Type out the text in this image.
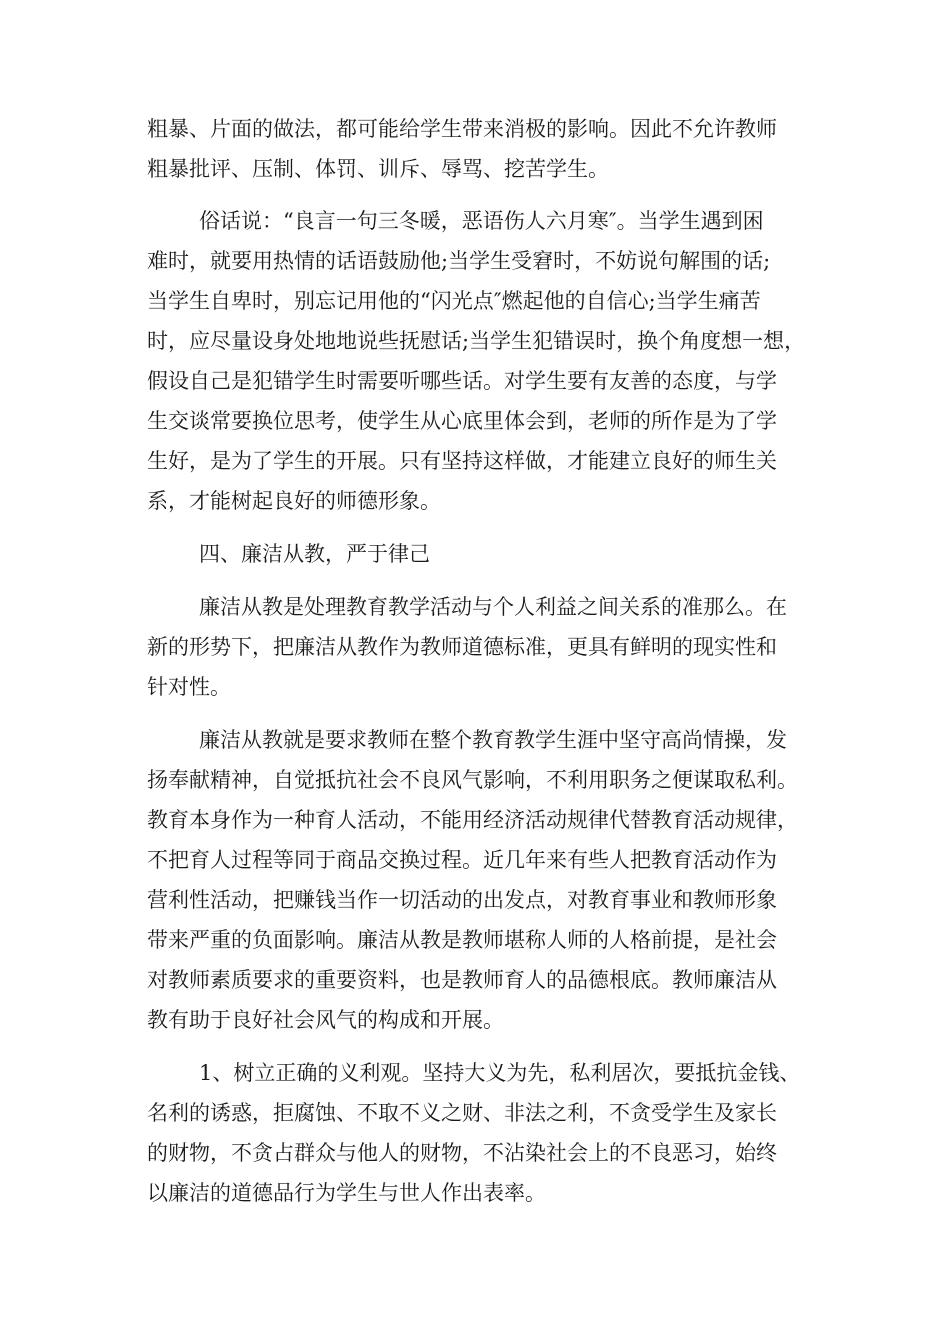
粗暴、片面的做法，都可能给学生带来消极的影响。因此不允许教师
粗暴批评、压制、体罚、训斥、辱骂、挖苦学生。
俗话说：“良言一句三冬暖，恶语伤人六月寒″。当学生遇到困
难时，就要用热情的话语鼓励他;当学生受窘时，不妨说句解围的话;
当学生自卑时，别忘记用他的“闪光点″燃起他的自信心;当学生痛苦
时，应尽量设身处地地说些抚慰话;当学生犯错误时，换个角度想一想，
假设自己是犯错学生时需要听哪些话。对学生要有友善的态度，与学
生交谈常要换位思考，使学生从心底里体会到，老师的所作是为了学
生好，是为了学生的开展。只有坚持这样做，才能建立良好的师生关
系，才能树起良好的师德形象。
四、廉洁从教，严于律己
廉洁从教是处理教育教学活动与个人利益之间关系的准那么。在
新的形势下，把廉洁从教作为教师道德标准，更具有鲜明的现实性和
针对性。
廉洁从教就是要求教师在整个教育教学生涯中坚守高尚情操，发
扬奉献精神，自觉抵抗社会不良风气影响，不利用职务之便谋取私利。
教育本身作为一种育人活动，不能用经济活动规律代替教育活动规律，
不把育人过程等同于商品交换过程。近几年来有些人把教育活动作为
营利性活动，把赚钱当作一切活动的出发点，对教育事业和教师形象
带来严重的负面影响。廉洁从教是教师堪称人师的人格前提，是社会
对教师素质要求的重要资料，也是教师育人的品德根底。教师廉洁从
教有助于良好社会风气的构成和开展。
1、树立正确的义利观。坚持大义为先，私利居次，要抵抗金钱、
名利的诱惑，拒腐蚀、不取不义之财、非法之利，不贪受学生及家长
的财物，不贪占群众与他人的财物，不沾染社会上的不良恶习，始终
以廉洁的道德品行为学生与世人作出表率。
